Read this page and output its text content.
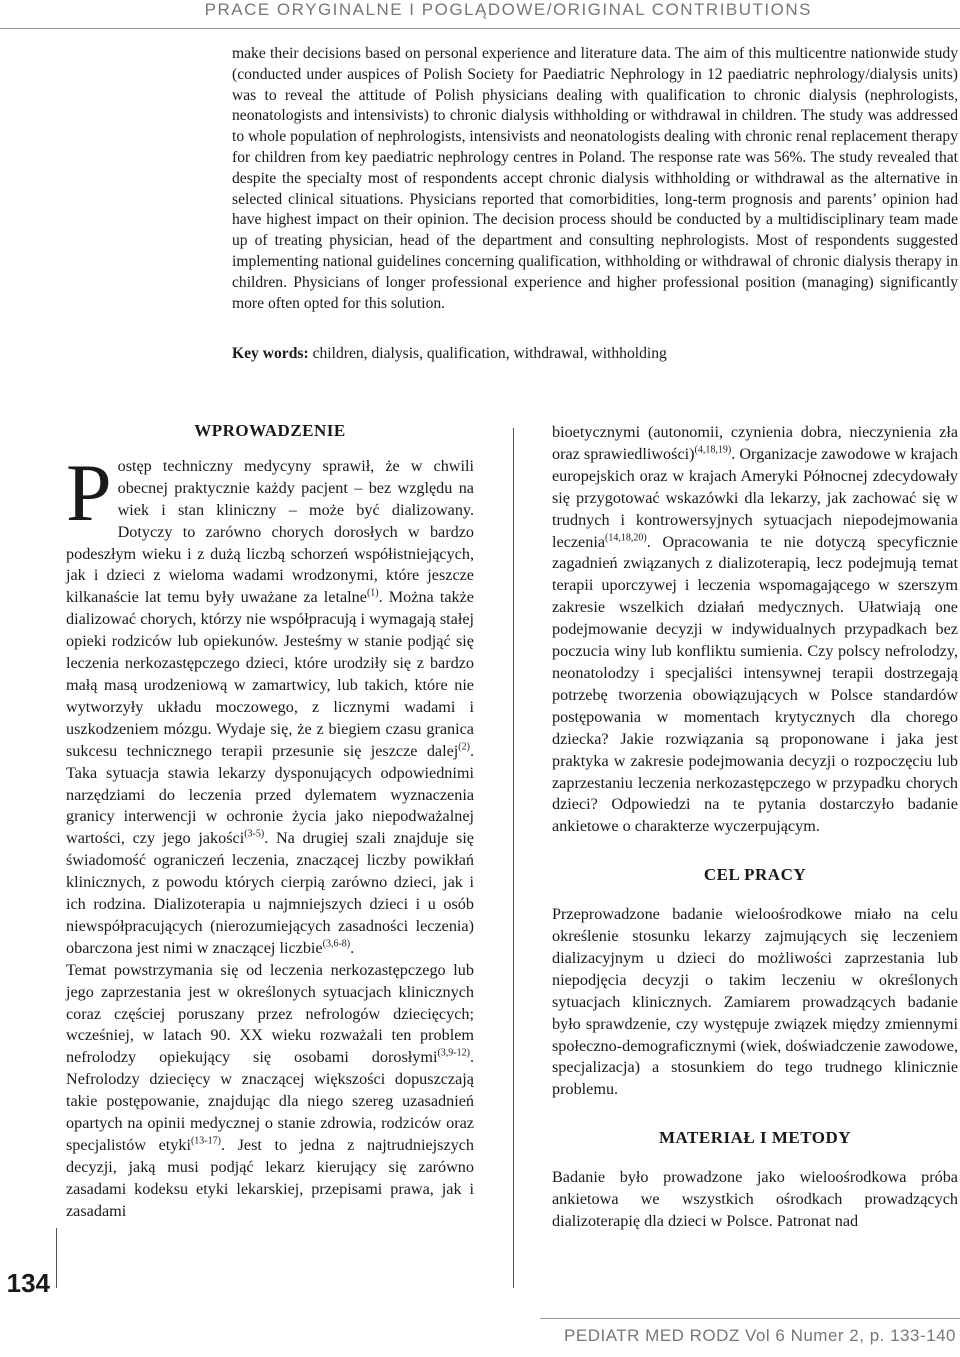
PRACE ORYGINALNE I POGLĄDOWE/ORIGINAL CONTRIBUTIONS

make their decisions based on personal experience and literature data. The aim of this multicentre nationwide study (conducted under auspices of Polish Society for Paediatric Nephrology in 12 paediatric nephrology/dialysis units) was to reveal the attitude of Polish physicians dealing with qualification to chronic dialysis (nephrologists, neonatologists and intensivists) to chronic dialysis withholding or withdrawal in children. The study was addressed to whole population of nephrologists, intensivists and neonatologists dealing with chronic renal replacement therapy for children from key paediatric nephrology centres in Poland. The response rate was 56%. The study revealed that despite the specialty most of respondents accept chronic dialysis withholding or withdrawal as the alternative in selected clinical situations. Physicians reported that comorbidities, long-term prognosis and parents’ opinion had have highest impact on their opinion. The decision process should be conducted by a multidisciplinary team made up of treating physician, head of the department and consulting nephrologists. Most of respondents suggested implementing national guidelines concerning qualification, withholding or withdrawal of chronic dialysis therapy in children. Physicians of longer professional experience and higher professional position (managing) significantly more often opted for this solution.

Key words: children, dialysis, qualification, withdrawal, withholding
WPROWADZENIE

Postęp techniczny medycyny sprawił, że w chwili obecnej praktycznie każdy pacjent – bez względu na wiek i stan kliniczny – może być dializowany. Dotyczy to zarówno chorych dorosłych w bardzo podeszłym wieku i z dużą liczbą schorzeń współistniejących, jak i dzieci z wieloma wadami wrodzonymi, które jeszcze kilkanaście lat temu były uważane za letalne$^{(1)}$. Można także dializować chorych, którzy nie współpracują i wymagają stałej opieki rodziców lub opiekunów. Jesteśmy w stanie podjąć się leczenia nerkozastępczego dzieci, które urodziły się z bardzo małą masą urodzeniową w zamartwicy, lub takich, które nie wytworzyły układu moczowego, z licznymi wadami i uszkodzeniem mózgu. Wydaje się, że z biegiem czasu granica sukcesu technicznego terapii przesunie się jeszcze dalej$^{(2)}$. Taka sytuacja stawia lekarzy dysponujących odpowiednimi narzędziami do leczenia przed dylematem wyznaczenia granicy interwencji w ochronie życia jako niepodważalnej wartości, czy jego jakości$^{(3-5)}$. Na drugiej szali znajduje się świadomość ograniczeń leczenia, znaczącej liczby powikłań klinicznych, z powodu których cierpią zarówno dzieci, jak i ich rodzina. Dializoterapia u najmniejszych dzieci i u osób niewspółpracujących (nierozumiejących zasadności leczenia) obarczona jest nimi w znaczącej liczbie$^{(3,6-8)}$.

Temat powstrzymania się od leczenia nerkozastępczego lub jego zaprzestania jest w określonych sytuacjach klinicznych coraz częściej poruszany przez nefrologów dziecięcych; wcześniej, w latach 90. XX wieku rozważali ten problem nefrolodzy opiekujący się osobami dorosłymi$^{(3,9-12)}$. Nefrolodzy dziecięcy w znaczącej większości dopuszczają takie postępowanie, znajdując dla niego szereg uzasadnień opartych na opinii medycznej o stanie zdrowia, rodziców oraz specjalistów etyki$^{(13-17)}$. Jest to jedna z najtrudniejszych decyzji, jaką musi podjąć lekarz kierujący się zarówno zasadami kodeksu etyki lekarskiej, przepisami prawa, jak i zasadami

bioetycznymi (autonomii, czynienia dobra, nieczynienia zła oraz sprawiedliwości)$^{(4,18,19)}$. Organizacje zawodowe w krajach europejskich oraz w krajach Ameryki Północnej zdecydowały się przygotować wskazówki dla lekarzy, jak zachować się w trudnych i kontrowersyjnych sytuacjach niepodejmowania leczenia$^{(14,18,20)}$. Opracowania te nie dotyczą specyficznie zagadnień związanych z dializoterapią, lecz podejmują temat terapii uporczywej i leczenia wspomagającego w szerszym zakresie wszelkich działań medycznych. Ułatwiają one podejmowanie decyzji w indywidualnych przypadkach bez poczucia winy lub konfliktu sumienia. Czy polscy nefrolodzy, neonatolodzy i specjaliści intensywnej terapii dostrzegają potrzebę tworzenia obowiązujących w Polsce standardów postępowania w momentach krytycznych dla chorego dziecka? Jakie rozwiązania są proponowane i jaka jest praktyka w zakresie podejmowania decyzji o rozpoczęciu lub zaprzestaniu leczenia nerkozastępczego w przypadku chorych dzieci? Odpowiedzi na te pytania dostarczyło badanie ankietowe o charakterze wyczerpującym.

CEL PRACY

Przeprowadzone badanie wieloośrodkowe miało na celu określenie stosunku lekarzy zajmujących się leczeniem dializacyjnym u dzieci do możliwości zaprzestania lub niepodjęcia decyzji o takim leczeniu w określonych sytuacjach klinicznych. Zamiarem prowadzących badanie było sprawdzenie, czy występuje związek między zmiennymi społeczno-demograficznymi (wiek, doświadczenie zawodowe, specjalizacja) a stosunkiem do tego trudnego klinicznie problemu.

MATERIAŁ I METODY

Badanie było prowadzone jako wieloośrodkowa próba ankietowa we wszystkich ośrodkach prowadzących dializoterapię dla dzieci w Polsce. Patronat nad

134
PEDIATR MED RODZ Vol 6 Numer 2, p. 133-140
